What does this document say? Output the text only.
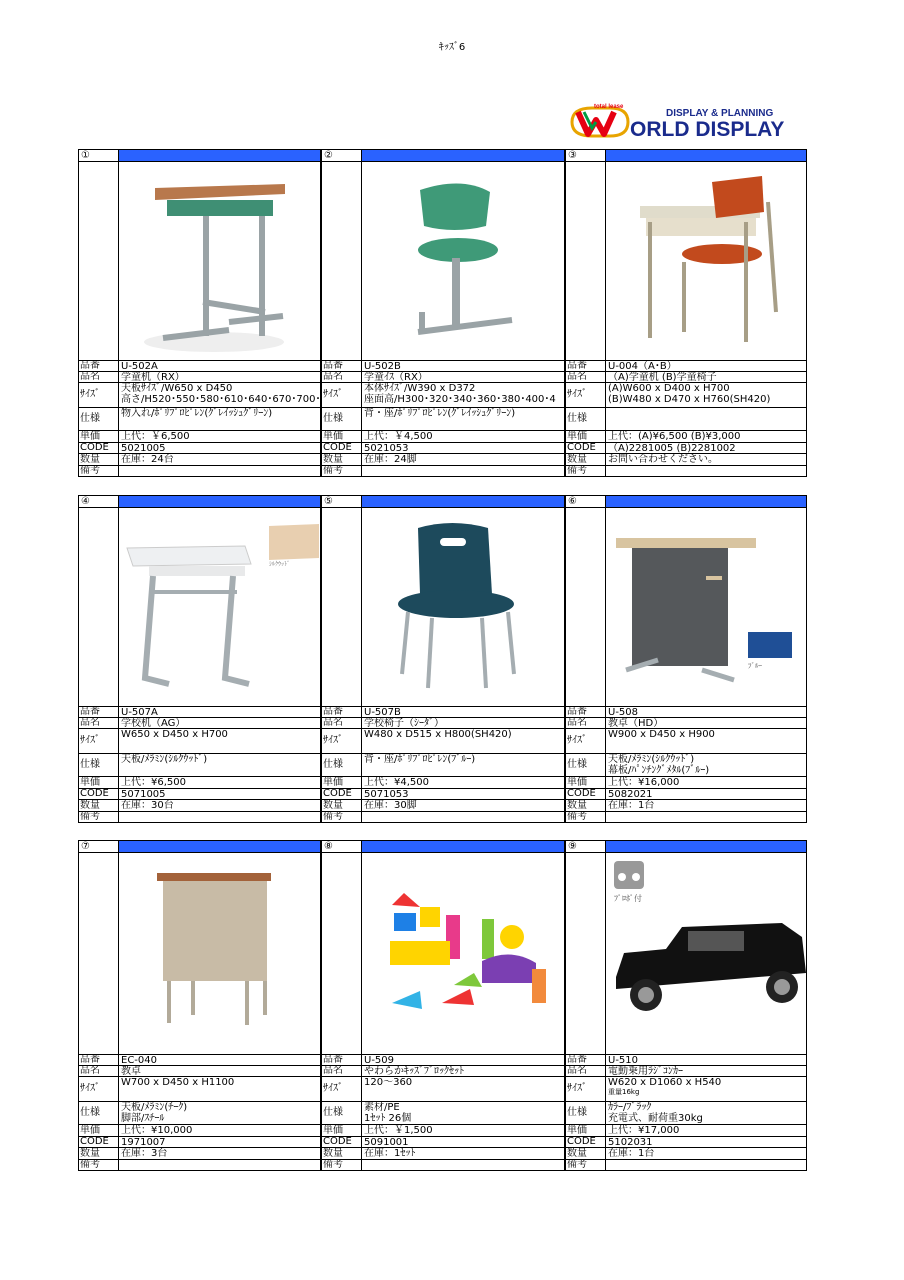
ｷｯｽﾞ6
total lease
DISPLAY & PLANNING
ORLD DISPLAY
①
品番	U-502A
品名	学童机（RX）
ｻｲｽﾞ
天板ｻｲｽﾞ/W650 x D450
高さ/H520･550･580･610･640･670･700･
仕様	物入れ/ﾎﾟﾘﾌﾟﾛﾋﾟﾚﾝ(ｸﾞﾚｲｯｼｭｸﾞﾘｰﾝ)
単価	上代：￥6,500
CODE	5021005
数量	在庫：24台
備考
②
品番	U-502B
品名	学童ｲｽ（RX）
ｻｲｽﾞ
本体ｻｲｽﾞ/W390 x D372
座面高/H300･320･340･360･380･400･4
仕様	背・座/ﾎﾟﾘﾌﾟﾛﾋﾟﾚﾝ(ｸﾞﾚｲｯｼｭｸﾞﾘｰﾝ)
単価	上代：￥4,500
CODE	5021053
数量	在庫：24脚
備考
③
品番	U-004（A･B）
品名	（A)学童机 (B)学童椅子
ｻｲｽﾞ
(A)W600 x D400 x H700
(B)W480 x D470 x H760(SH420)
仕様
単価	上代：(A)¥6,500 (B)¥3,000
CODE	（A)2281005 (B)2281002
数量	お問い合わせください。
備考
④
ｼﾙｸｳｯﾄﾞ
品番	U-507A
品名	学校机（AG）
ｻｲｽﾞ
W650 x D450 x H700
仕様	天板/ﾒﾗﾐﾝ(ｼﾙｸｳｯﾄﾞ)
単価	上代：¥6,500
CODE	5071005
数量	在庫：30台
備考
⑤
品番	U-507B
品名	学校椅子（ｼｰﾀﾞ）
ｻｲｽﾞ
W480 x D515 x H800(SH420)
仕様	背・座/ﾎﾟﾘﾌﾟﾛﾋﾟﾚﾝ(ﾌﾞﾙｰ)
単価	上代：¥4,500
CODE	5071053
数量	在庫：30脚
備考
⑥
ﾌﾞﾙｰ
品番	U-508
品名	教卓（HD）
ｻｲｽﾞ
W900 x D450 x H900
仕様	天板/ﾒﾗﾐﾝ(ｼﾙｸｳｯﾄﾞ)
幕板/ﾊﾟﾝﾁﾝｸﾞﾒﾀﾙ(ﾌﾞﾙｰ)
単価	上代：¥16,000
CODE	5082021
数量	在庫：1台
備考
⑦
品番	EC-040
品名	教卓
ｻｲｽﾞ
W700 x D450 x H1100
仕様	天板/ﾒﾗﾐﾝ(ﾁｰｸ)
脚部/ｽﾁｰﾙ
単価	上代：¥10,000
CODE	1971007
数量	在庫：3台
備考
⑧
品番	U-509
品名	やわらかｷｯｽﾞﾌﾞﾛｯｸｾｯﾄ
ｻｲｽﾞ
120～360
仕様	素材/PE
1ｾｯﾄ 26個
単価	上代：￥1,500
CODE	5091001
数量	在庫：1ｾｯﾄ
備考
⑨
ﾌﾟﾛﾎﾟ付
品番	U-510
品名	電動乗用ﾗｼﾞｺﾝｶｰ
ｻｲｽﾞ
W620 x D1060 x H540
重量16kg
仕様	ｶﾗｰ/ﾌﾞﾗｯｸ
充電式、耐荷重30kg
単価	上代：¥17,000
CODE	5102031
数量	在庫：1台
備考
